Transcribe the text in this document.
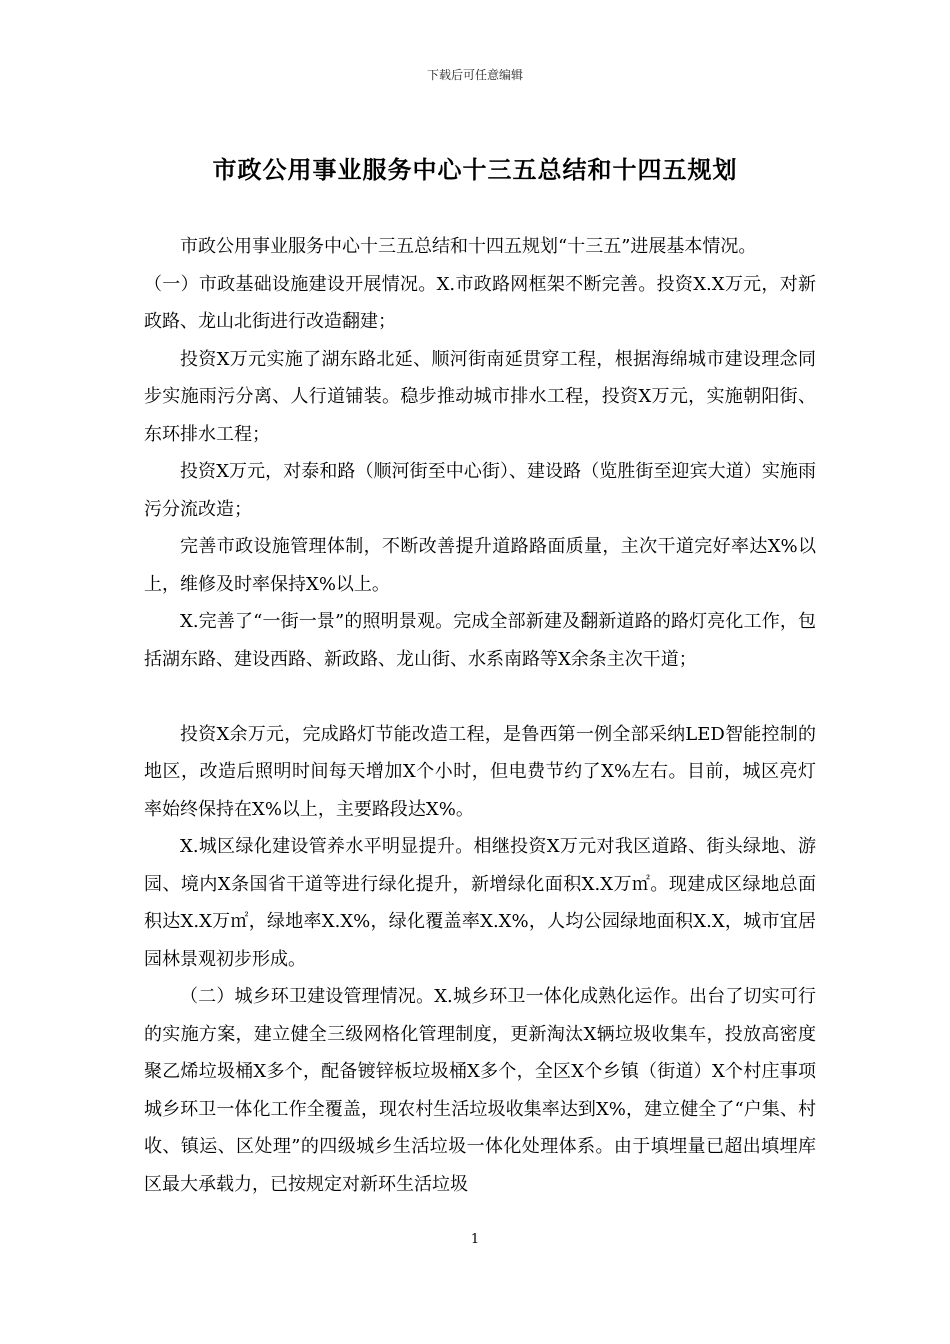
下载后可任意编辑
市政公用事业服务中心十三五总结和十四五规划

市政公用事业服务中心十三五总结和十四五规划“十三五”进展基本情况。

（一）市政基础设施建设开展情况。X.市政路网框架不断完善。投资X.X万元，对新政路、龙山北街进行改造翻建；

投资X万元实施了湖东路北延、顺河街南延贯穿工程，根据海绵城市建设理念同步实施雨污分离、人行道铺装。稳步推动城市排水工程，投资X万元，实施朝阳街、东环排水工程；

投资X万元，对泰和路（顺河街至中心街）、建设路（览胜街至迎宾大道）实施雨污分流改造；

完善市政设施管理体制，不断改善提升道路路面质量，主次干道完好率达X%以上，维修及时率保持X%以上。

X.完善了“一街一景”的照明景观。完成全部新建及翻新道路的路灯亮化工作，包括湖东路、建设西路、新政路、龙山街、水系南路等X余条主次干道；

投资X余万元，完成路灯节能改造工程，是鲁西第一例全部采纳LED智能控制的地区，改造后照明时间每天增加X个小时，但电费节约了X%左右。目前，城区亮灯率始终保持在X%以上，主要路段达X%。

X.城区绿化建设管养水平明显提升。相继投资X万元对我区道路、街头绿地、游园、境内X条国省干道等进行绿化提升，新增绿化面积X.X万㎡。现建成区绿地总面积达X.X万㎡，绿地率X.X%，绿化覆盖率X.X%，人均公园绿地面积X.X，城市宜居园林景观初步形成。

（二）城乡环卫建设管理情况。X.城乡环卫一体化成熟化运作。出台了切实可行的实施方案，建立健全三级网格化管理制度，更新淘汰X辆垃圾收集车，投放高密度聚乙烯垃圾桶X多个，配备镀锌板垃圾桶X多个，全区X个乡镇（街道）X个村庄事项城乡环卫一体化工作全覆盖，现农村生活垃圾收集率达到X%，建立健全了“户集、村收、镇运、区处理”的四级城乡生活垃圾一体化处理体系。由于填埋量已超出填埋库区最大承载力，已按规定对新环生活垃圾

1
